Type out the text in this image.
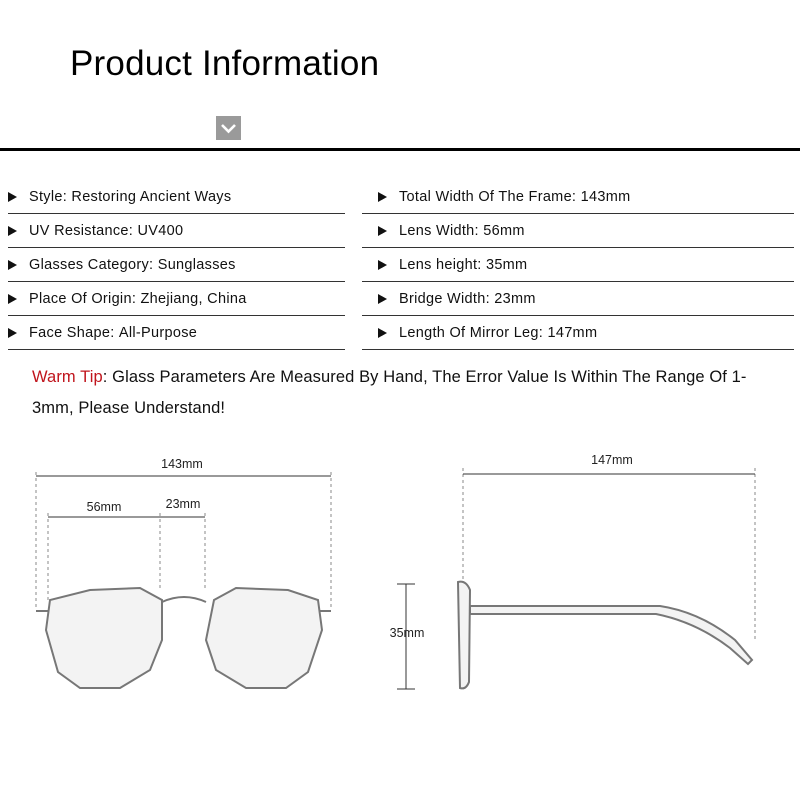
Product Information
Style:
Restoring Ancient Ways
UV Resistance:
UV400
Glasses Category:
Sunglasses
Place Of Origin:
Zhejiang, China
Face Shape:
All-Purpose
Total Width Of The Frame:
143mm
Lens Width:
56mm
Lens height:
35mm
Bridge Width:
23mm
Length Of Mirror Leg:
147mm
Warm Tip: Glass Parameters Are Measured By Hand, The Error Value Is Within The Range Of 1-3mm, Please Understand!
143mm
56mm	23mm
147mm
35mm
